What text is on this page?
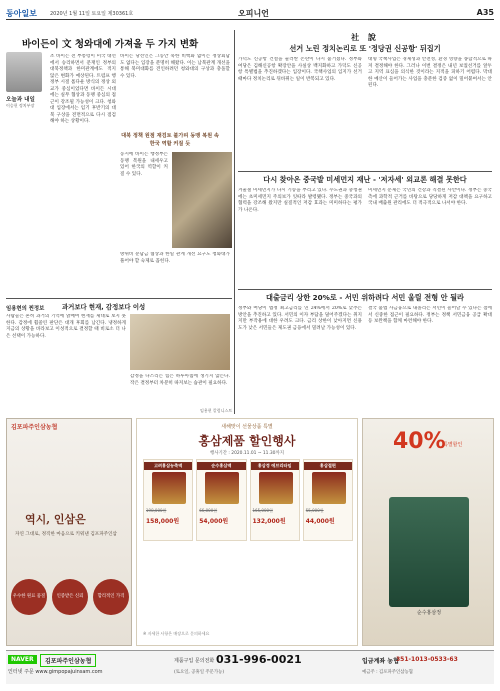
동아일보	2020년 1월 11일 토요일 제30361호	오피니언	A35
바이든이 文 청와대에 가져올 두 가지 변화
오늘과 내일
이승헌 정치부장
조 바이든 전 부통령이 미국 대선에서 승리하면서 문재인 정부의 대북정책과 한미관계에도 적지 않은 변화가 예상된다. 트럼프 행정부 시절 톱다운 방식의 정상 외교가 중심이었다면 바이든 시대에는 실무 협상과 동맹 중심의 접근이 강조될 가능성이 크다. 청와대 입장에서는 임기 후반기의 대북 구상을 전면적으로 다시 점검해야 하는 상황이다.
바이든 당선인은 그동안 북한 비핵화 없이는 정상회담도 없다는 입장을 분명히 해왔다. 이는 남북관계 개선을 통해 북미대화를 견인하려던 청와대의 구상과 충돌할 수 있다.
대북 정책 원점 재검토 불가피 동맹 복원 속 한국 역할 커질 듯
동시에 바이든 행정부는 동맹 복원을 내세우고 있어 한국의 역할이 커질 수 있다.
방위비 분담금 협상과 한일 관계 개선 요구도 청와대가 풀어야 할 숙제로 꼽힌다.
임용현의 찐정보	과거보다 현재, 감정보다 이성
사람들은 흔히 과거의 기억에 얽매여 현재를 제대로 보지 못한다. 감정에 휩쓸린 판단은 대개 후회를 남긴다. 냉정하게 지금의 상황을 바라보고 이성적으로 결정할 때 비로소 더 나은 선택이 가능하다.
감정을 다스리는 힘은 하루아침에 생기지 않는다. 작은 결정부터 차분히 따져보는 습관이 필요하다.
임용현 칼럼니스트
社 說
선거 노린 정치논리로 또 '정당권 신공항' 뒤집기
가덕도 신공항 건설을 둘러싼 논란이 다시 불거졌다. 정부와 여당은 김해신공항 확장안을 사실상 백지화하고 가덕도 신공항 특별법을 추진하겠다는 입장이다. 국책사업의 입지가 선거 때마다 정치논리로 뒤바뀌는 일이 반복되고 있다.
대형 국책사업은 경제성과 안전성, 환경 영향을 종합적으로 따져 결정해야 한다. 그러나 이번 결정은 내년 보궐선거를 앞두고 지역 표심을 의식한 것이라는 지적을 피하기 어렵다. 막대한 예산이 들어가는 사업을 충분한 검증 없이 밀어붙여서는 안 된다.
다시 찾아온 중국발 미세먼지 재난 - '저자세' 외교론 해결 못한다
겨울철 미세먼지가 다시 기승을 부리고 있다. 수도권과 충청권에는 초미세먼지 주의보가 잇따라 발령됐다. 정부는 중국과의 협력을 강조해 왔지만 실질적인 저감 효과는 미미하다는 평가가 나온다.
미세먼지 문제는 국민의 건강과 직결된 사안이다. 정부는 중국 측에 과학적 근거를 바탕으로 당당하게 저감 대책을 요구하고 국내 배출원 관리에도 더 적극적으로 나서야 한다.
대출금리 상한 20%로 - 서민 위하려다 서민 울릴 전형 안 될라
정부와 여당이 법정 최고금리를 연 24%에서 20%로 낮추는 방안을 추진하고 있다. 서민의 이자 부담을 덜어주겠다는 취지지만 부작용에 대한 우려도 크다. 금리 상한이 낮아지면 신용도가 낮은 서민들은 제도권 금융에서 밀려날 가능성이 있다.
결국 불법 사금융으로 내몰리는 서민이 늘어날 수 있다는 점에서 신중한 접근이 필요하다. 정부는 정책 서민금융 공급 확대 등 보완책을 함께 마련해야 한다.
김포파주인삼농협
역시, 인삼은
자연 그대로, 정직한 마음으로 키워낸 김포파주인삼
우수한 원료 품질	인증받은 신뢰	합리적인 가격
새해맞이 선물상품 특별
홍삼제품 할인행사
행사기간 : 2020.11.01 ~ 11.30까지
고려홍삼농축액
198,000원
158,000원
순수홍삼액
66,000원
54,000원
홍삼정 에브리타임
165,000원
132,000원
홍삼절편
55,000원
44,000원
※ 자세한 사항은 매장으로 문의하세요
40%
특별할인
순수홍삼정
NAVER	김포파주인삼농협
인터넷 주문 www.gimpopajuinsam.com
제품구입 문의전화 031-996-0021
(토요일, 공휴일 주문가능)
입금계좌 농협
351-1013-0533-63
예금주 : 김포파주인삼농협
